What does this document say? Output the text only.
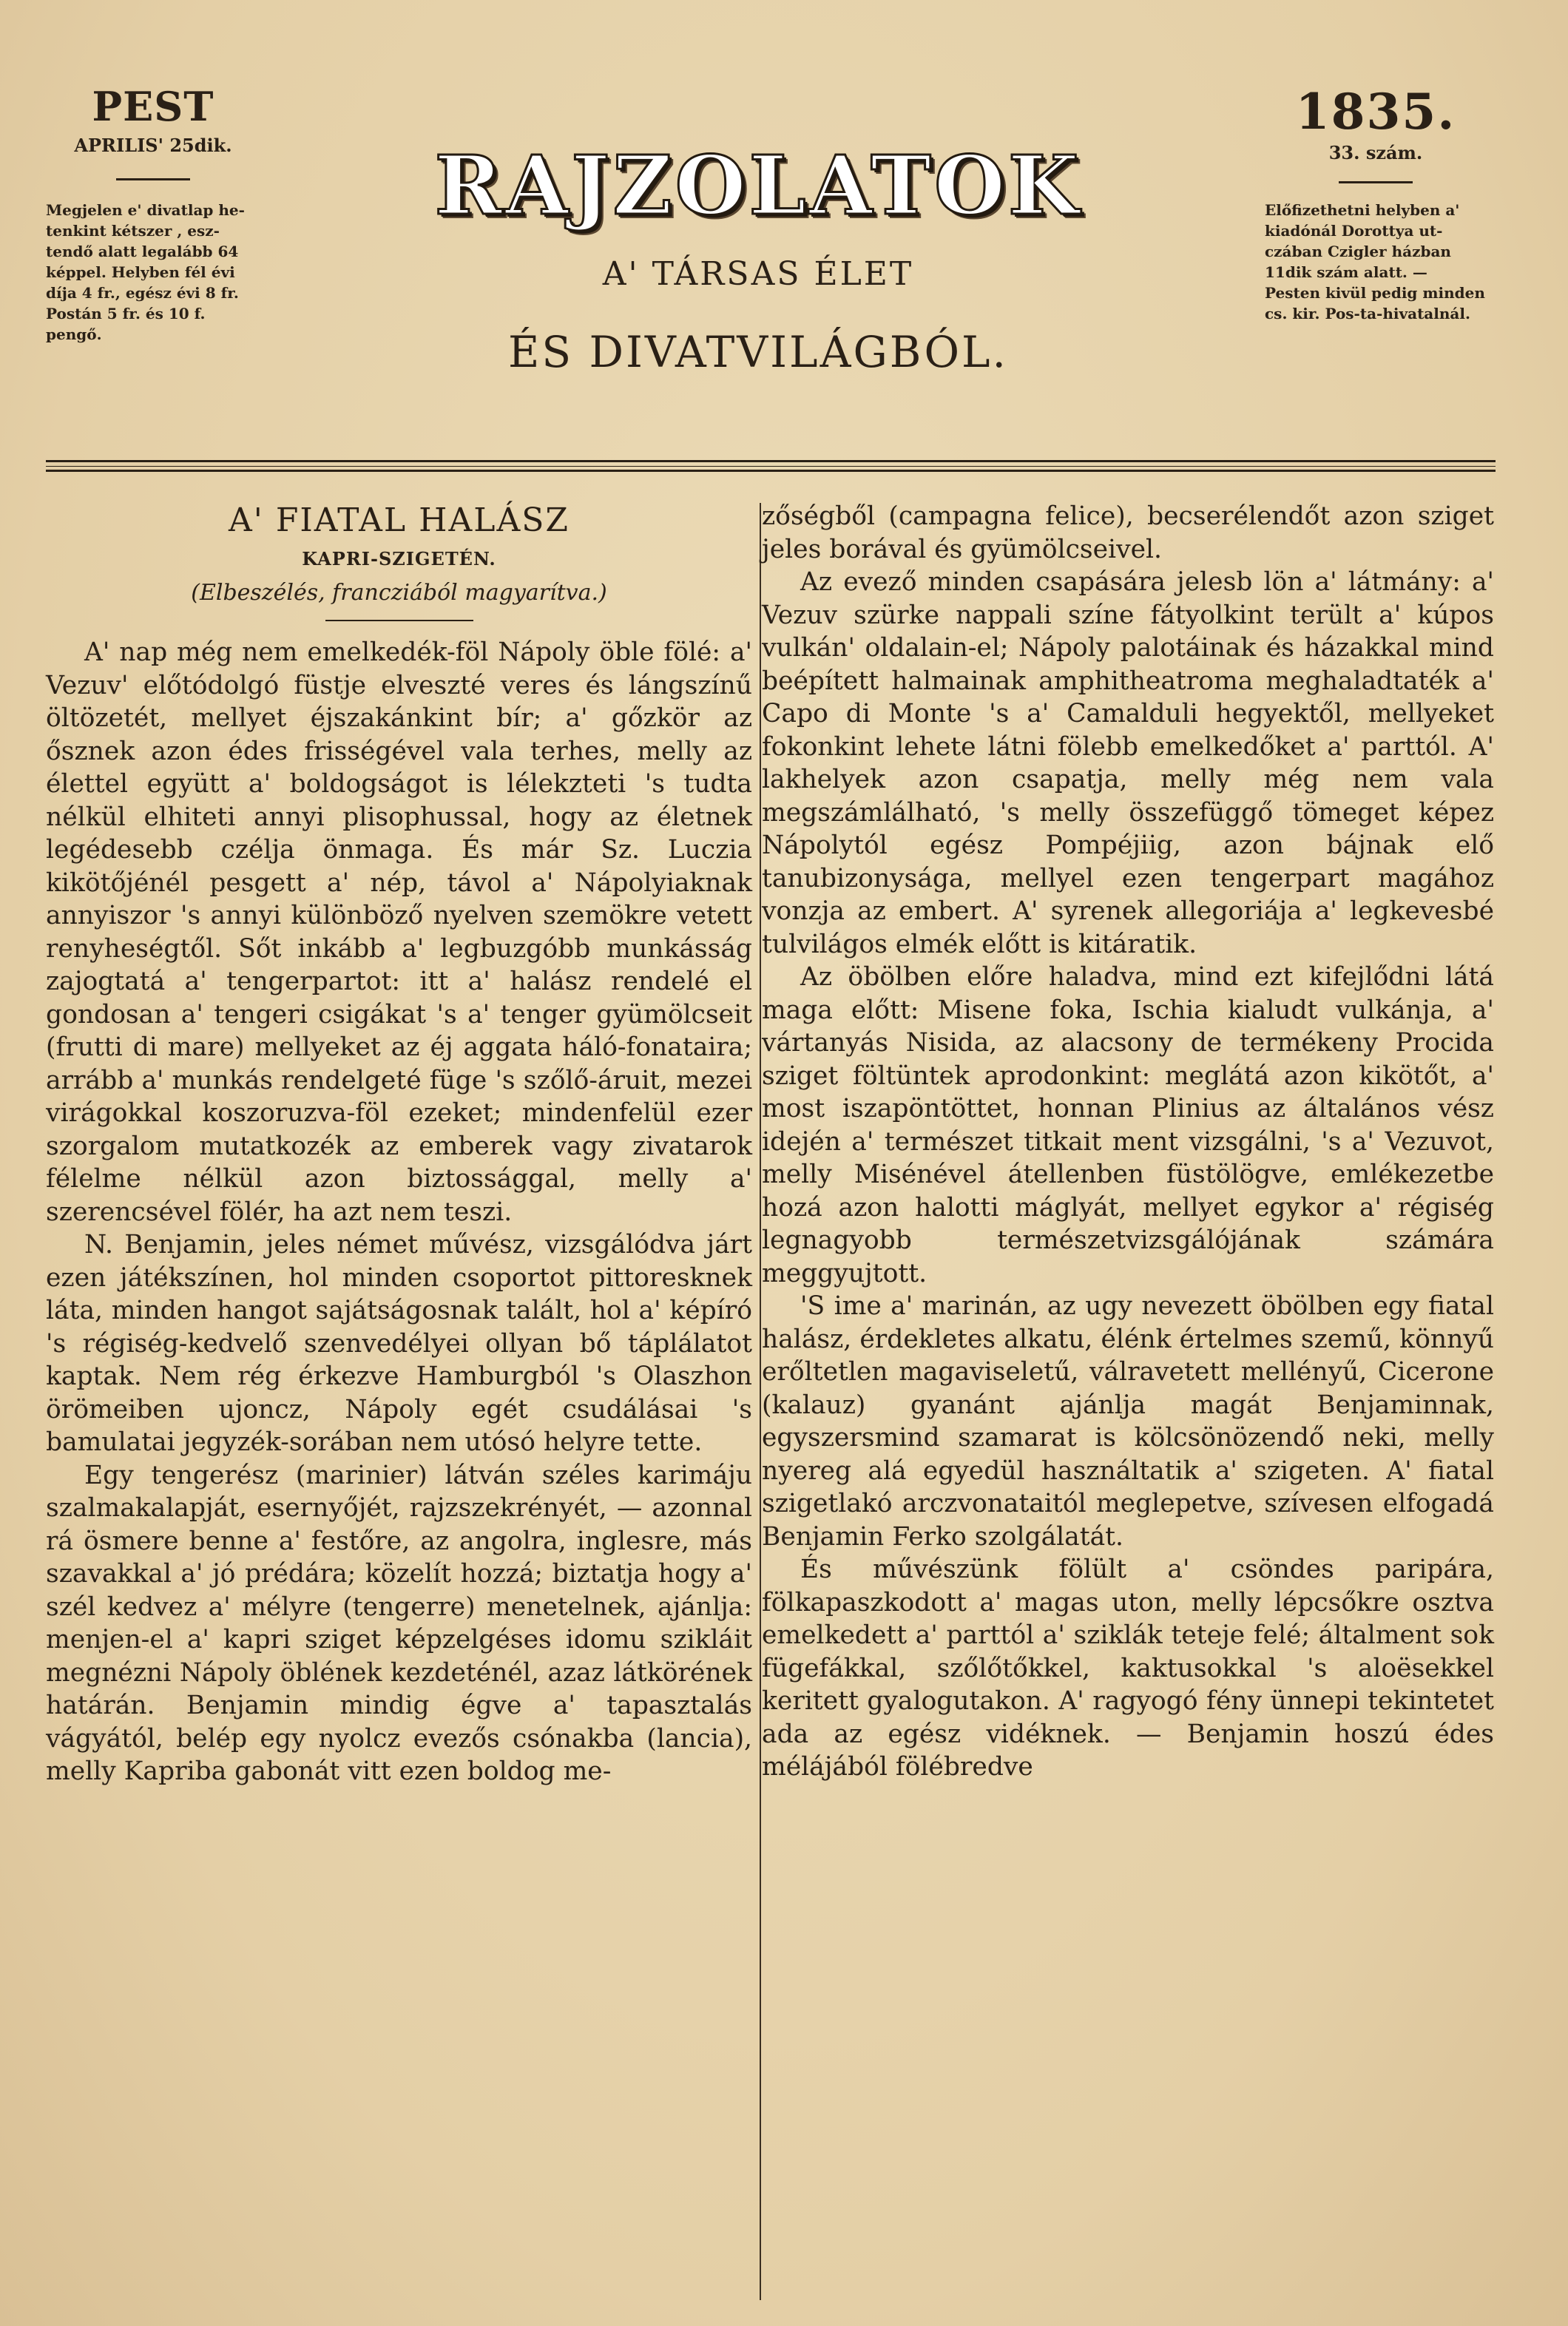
PEST
APRILIS' 25dik.
Megjelen e' divatlap he-tenkint kétszer , esz-tendő alatt legalább 64 képpel. Helyben fél évi díja 4 fr., egész évi 8 fr. Postán 5 fr. és 10 f. pengő.
RAJZOLATOK
A' TÁRSAS ÉLET
ÉS DIVATVILÁGBÓL.
1835.
33. szám.
Előfizethetni helyben a' kiadónál Dorottya ut-czában Czigler házban 11dik szám alatt. — Pesten kivül pedig minden cs. kir. Pos-ta-hivatalnál.
A' FIATAL HALÁSZ
KAPRI-SZIGETÉN.
(Elbeszélés, francziából magyarítva.)

A' nap még nem emelkedék-föl Nápoly öble fölé: a' Vezuv' előtódolgó füstje elveszté veres és lángszínű öltözetét, mellyet éjszakánkint bír; a' gőzkör az ősznek azon édes frisségével vala terhes, melly az élettel együtt a' boldogságot is lélekzteti 's tudta nélkül elhiteti annyi plisophussal, hogy az életnek legédesebb czélja önmaga. És már Sz. Luczia kikötőjénél pesgett a' nép, távol a' Nápolyiaknak annyiszor 's annyi különböző nyelven szemökre vetett renyheségtől. Sőt inkább a' legbuzgóbb munkásság zajogtatá a' tengerpartot: itt a' halász rendelé el gondosan a' tengeri csigákat 's a' tenger gyümölcseit (frutti di mare) mellyeket az éj aggata háló-fonataira; arrább a' munkás rendelgeté füge 's szőlő-áruit, mezei virágokkal koszoruzva-föl ezeket; mindenfelül ezer szorgalom mutatkozék az emberek vagy zivatarok félelme nélkül azon biztossággal, melly a' szerencsével fölér, ha azt nem teszi.

N. Benjamin, jeles német művész, vizsgálódva járt ezen játékszínen, hol minden csoportot pittoresknek láta, minden hangot sajátságosnak talált, hol a' képíró 's régiség-kedvelő szenvedélyei ollyan bő táplálatot kaptak. Nem rég érkezve Hamburgból 's Olaszhon örömeiben ujoncz, Nápoly egét csudálásai 's bamulatai jegyzék-sorában nem utósó helyre tette.

Egy tengerész (marinier) látván széles karimáju szalmakalapját, esernyőjét, rajzszekrényét, — azonnal rá ösmere benne a' festőre, az angolra, inglesre, más szavakkal a' jó prédára; közelít hozzá; biztatja hogy a' szél kedvez a' mélyre (tengerre) menetelnek, ajánlja: menjen-el a' kapri sziget képzelgéses idomu szikláit megnézni Nápoly öblének kezdeténél, azaz látkörének határán. Benjamin mindig égve a' tapasztalás vágyától, belép egy nyolcz evezős csónakba (lancia), melly Kapriba gabonát vitt ezen boldog me-

zőségből (campagna felice), becserélendőt azon sziget jeles borával és gyümölcseivel.

Az evező minden csapására jelesb lön a' látmány: a' Vezuv szürke nappali színe fátyolkint terült a' kúpos vulkán' oldalain-el; Nápoly palotáinak és házakkal mind beépített halmainak amphitheatroma meghaladtaték a' Capo di Monte 's a' Camalduli hegyektől, mellyeket fokonkint lehete látni fölebb emelkedőket a' parttól. A' lakhelyek azon csapatja, melly még nem vala megszámlálható, 's melly összefüggő tömeget képez Nápolytól egész Pompéjiig, azon bájnak elő tanubizonysága, mellyel ezen tengerpart magához vonzja az embert. A' syrenek allegoriája a' legkevesbé tulvilágos elmék előtt is kitáratik.

Az öbölben előre haladva, mind ezt kifejlődni látá maga előtt: Misene foka, Ischia kialudt vulkánja, a' vártanyás Nisida, az alacsony de termékeny Procida sziget föltüntek aprodonkint: meglátá azon kikötőt, a' most iszapöntöttet, honnan Plinius az általános vész idején a' természet titkait ment vizsgálni, 's a' Vezuvot, melly Misénével átellenben füstölögve, emlékezetbe hozá azon halotti máglyát, mellyet egykor a' régiség legnagyobb természetvizsgálójának számára meggyujtott.

'S ime a' marinán, az ugy nevezett öbölben egy fiatal halász, érdekletes alkatu, élénk értelmes szemű, könnyű erőltetlen magaviseletű, válravetett mellényű, Cicerone (kalauz) gyanánt ajánlja magát Benjaminnak, egyszersmind szamarat is kölcsönözendő neki, melly nyereg alá egyedül használtatik a' szigeten. A' fiatal szigetlakó arczvonataitól meglepetve, szívesen elfogadá Benjamin Ferko szolgálatát.

És művészünk fölült a' csöndes paripára, fölkapaszkodott a' magas uton, melly lépcsőkre osztva emelkedett a' parttól a' sziklák teteje felé; általment sok fügefákkal, szőlőtőkkel, kaktusokkal 's aloësekkel keritett gyalogutakon. A' ragyogó fény ünnepi tekintetet ada az egész vidéknek. — Benjamin hoszú édes mélájából fölébredve
